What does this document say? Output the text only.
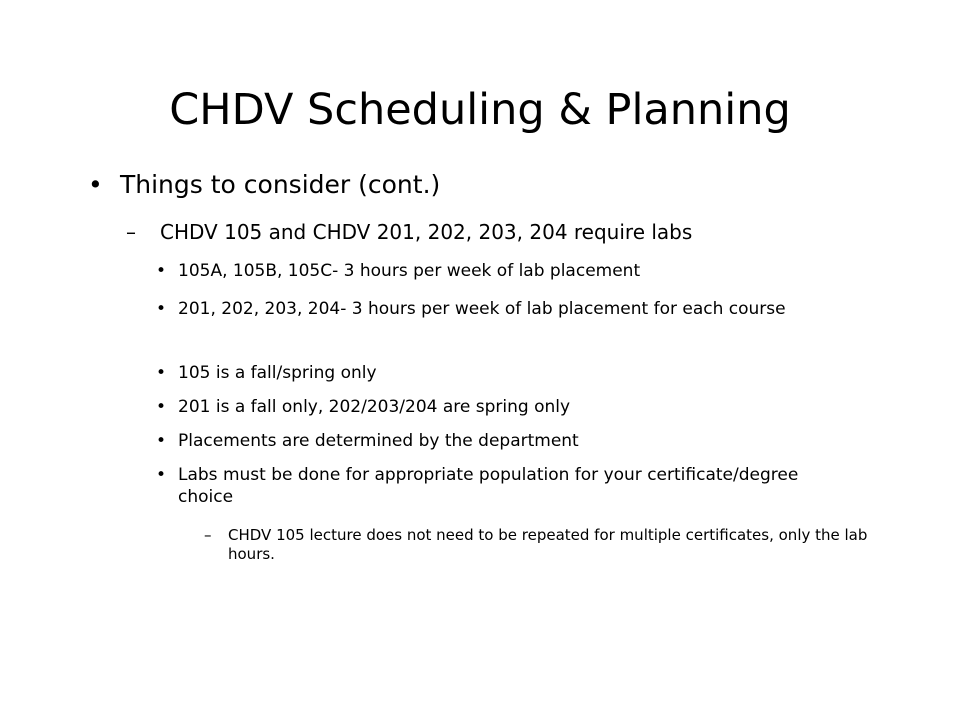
CHDV Scheduling & Planning
• Things to consider (cont.)
– CHDV 105 and CHDV 201, 202, 203, 204 require labs
• 105A, 105B, 105C- 3 hours per week of lab placement
• 201, 202, 203, 204- 3 hours per week of lab placement for each course
• 105 is a fall/spring only
• 201 is a fall only, 202/203/204 are spring only
• Placements are determined by the department
• Labs must be done for appropriate population for your certificate/degree choice
– CHDV 105 lecture does not need to be repeated for multiple certificates, only the lab hours.
